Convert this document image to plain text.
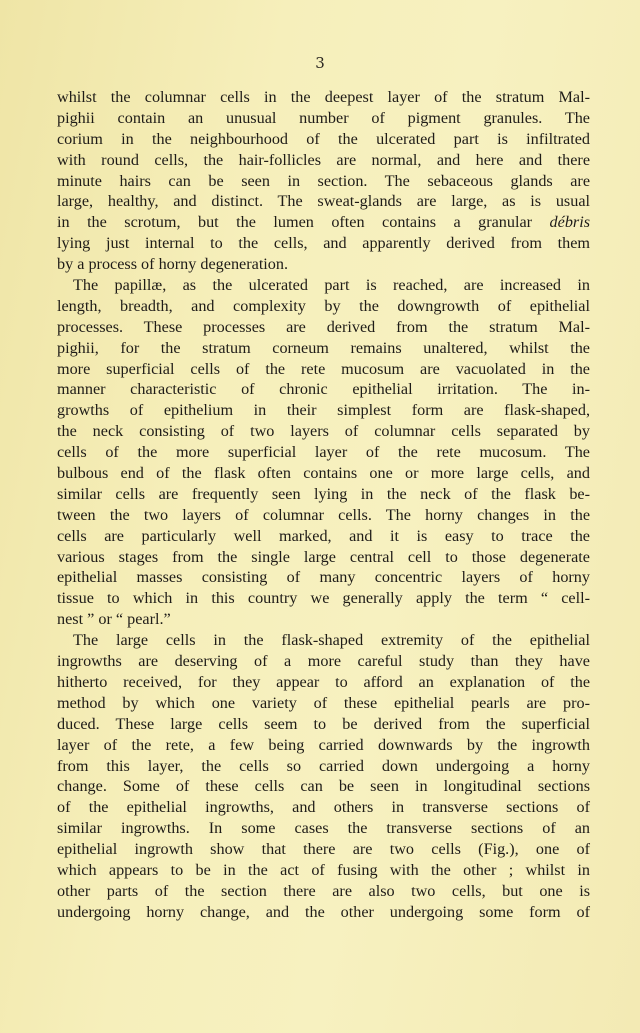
3

whilst the columnar cells in the deepest layer of the stratum Mal-
pighii contain an unusual number of pigment granules. The
corium in the neighbourhood of the ulcerated part is infiltrated
with round cells, the hair-follicles are normal, and here and there
minute hairs can be seen in section. The sebaceous glands are
large, healthy, and distinct. The sweat-glands are large, as is usual
in the scrotum, but the lumen often contains a granular débris
lying just internal to the cells, and apparently derived from them
by a process of horny degeneration.
The papillæ, as the ulcerated part is reached, are increased in
length, breadth, and complexity by the downgrowth of epithelial
processes. These processes are derived from the stratum Mal-
pighii, for the stratum corneum remains unaltered, whilst the
more superficial cells of the rete mucosum are vacuolated in the
manner characteristic of chronic epithelial irritation. The in-
growths of epithelium in their simplest form are flask-shaped,
the neck consisting of two layers of columnar cells separated by
cells of the more superficial layer of the rete mucosum. The
bulbous end of the flask often contains one or more large cells, and
similar cells are frequently seen lying in the neck of the flask be-
tween the two layers of columnar cells. The horny changes in the
cells are particularly well marked, and it is easy to trace the
various stages from the single large central cell to those degenerate
epithelial masses consisting of many concentric layers of horny
tissue to which in this country we generally apply the term “ cell-
nest ” or “ pearl.”
The large cells in the flask-shaped extremity of the epithelial
ingrowths are deserving of a more careful study than they have
hitherto received, for they appear to afford an explanation of the
method by which one variety of these epithelial pearls are pro-
duced. These large cells seem to be derived from the superficial
layer of the rete, a few being carried downwards by the ingrowth
from this layer, the cells so carried down undergoing a horny
change. Some of these cells can be seen in longitudinal sections
of the epithelial ingrowths, and others in transverse sections of
similar ingrowths. In some cases the transverse sections of an
epithelial ingrowth show that there are two cells (Fig.), one of
which appears to be in the act of fusing with the other ; whilst in
other parts of the section there are also two cells, but one is
undergoing horny change, and the other undergoing some form of
